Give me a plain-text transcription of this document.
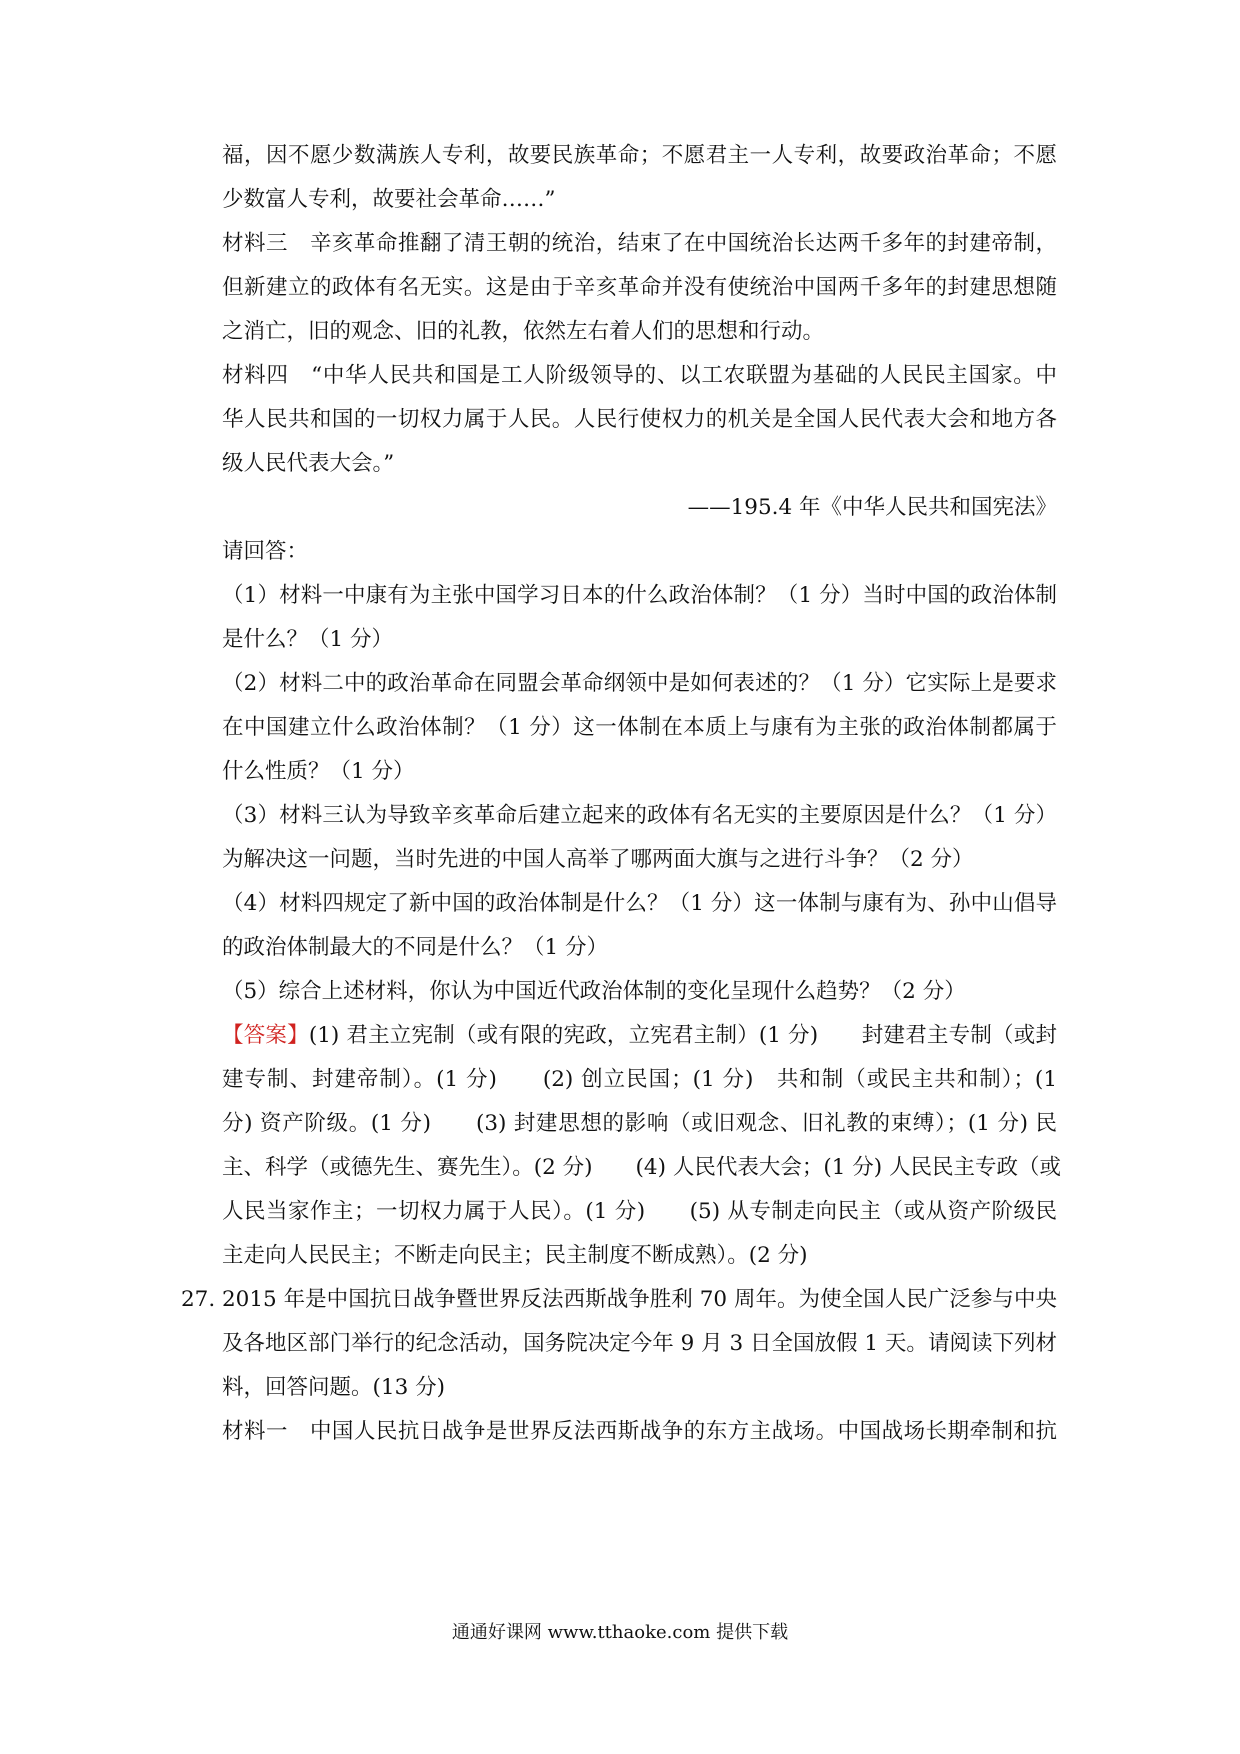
福，因不愿少数满族人专利，故要民族革命；不愿君主一人专利，故要政治革命；不愿
少数富人专利，故要社会革命……”
材料三　辛亥革命推翻了清王朝的统治，结束了在中国统治长达两千多年的封建帝制，
但新建立的政体有名无实。这是由于辛亥革命并没有使统治中国两千多年的封建思想随
之消亡，旧的观念、旧的礼教，依然左右着人们的思想和行动。
材料四　“中华人民共和国是工人阶级领导的、以工农联盟为基础的人民民主国家。中
华人民共和国的一切权力属于人民。人民行使权力的机关是全国人民代表大会和地方各
级人民代表大会。”
——195.4 年《中华人民共和国宪法》
请回答：
（1）材料一中康有为主张中国学习日本的什么政治体制？（1 分）当时中国的政治体制
是什么？（1 分）
（2）材料二中的政治革命在同盟会革命纲领中是如何表述的？（1 分）它实际上是要求
在中国建立什么政治体制？（1 分）这一体制在本质上与康有为主张的政治体制都属于
什么性质？（1 分）
（3）材料三认为导致辛亥革命后建立起来的政体有名无实的主要原因是什么？（1 分）
为解决这一问题，当时先进的中国人高举了哪两面大旗与之进行斗争？（2 分）
（4）材料四规定了新中国的政治体制是什么？（1 分）这一体制与康有为、孙中山倡导
的政治体制最大的不同是什么？（1 分）
（5）综合上述材料，你认为中国近代政治体制的变化呈现什么趋势？（2 分）
【答案】(1) 君主立宪制（或有限的宪政，立宪君主制）(1 分)　　封建君主专制（或封
建专制、封建帝制）。(1 分)　　(2) 创立民国；(1 分)　共和制（或民主共和制）；(1
分) 资产阶级。(1 分)　　(3) 封建思想的影响（或旧观念、旧礼教的束缚）；(1 分) 民
主、科学（或德先生、赛先生）。(2 分)　　(4) 人民代表大会；(1 分) 人民民主专政（或
人民当家作主；一切权力属于人民）。(1 分)　　(5) 从专制走向民主（或从资产阶级民
主走向人民民主；不断走向民主；民主制度不断成熟）。(2 分)
27. 2015 年是中国抗日战争暨世界反法西斯战争胜利 70 周年。为使全国人民广泛参与中央
及各地区部门举行的纪念活动，国务院决定今年 9 月 3 日全国放假 1 天。请阅读下列材
料，回答问题。(13 分)
材料一　中国人民抗日战争是世界反法西斯战争的东方主战场。中国战场长期牵制和抗
通通好课网 www.tthaoke.com 提供下载
